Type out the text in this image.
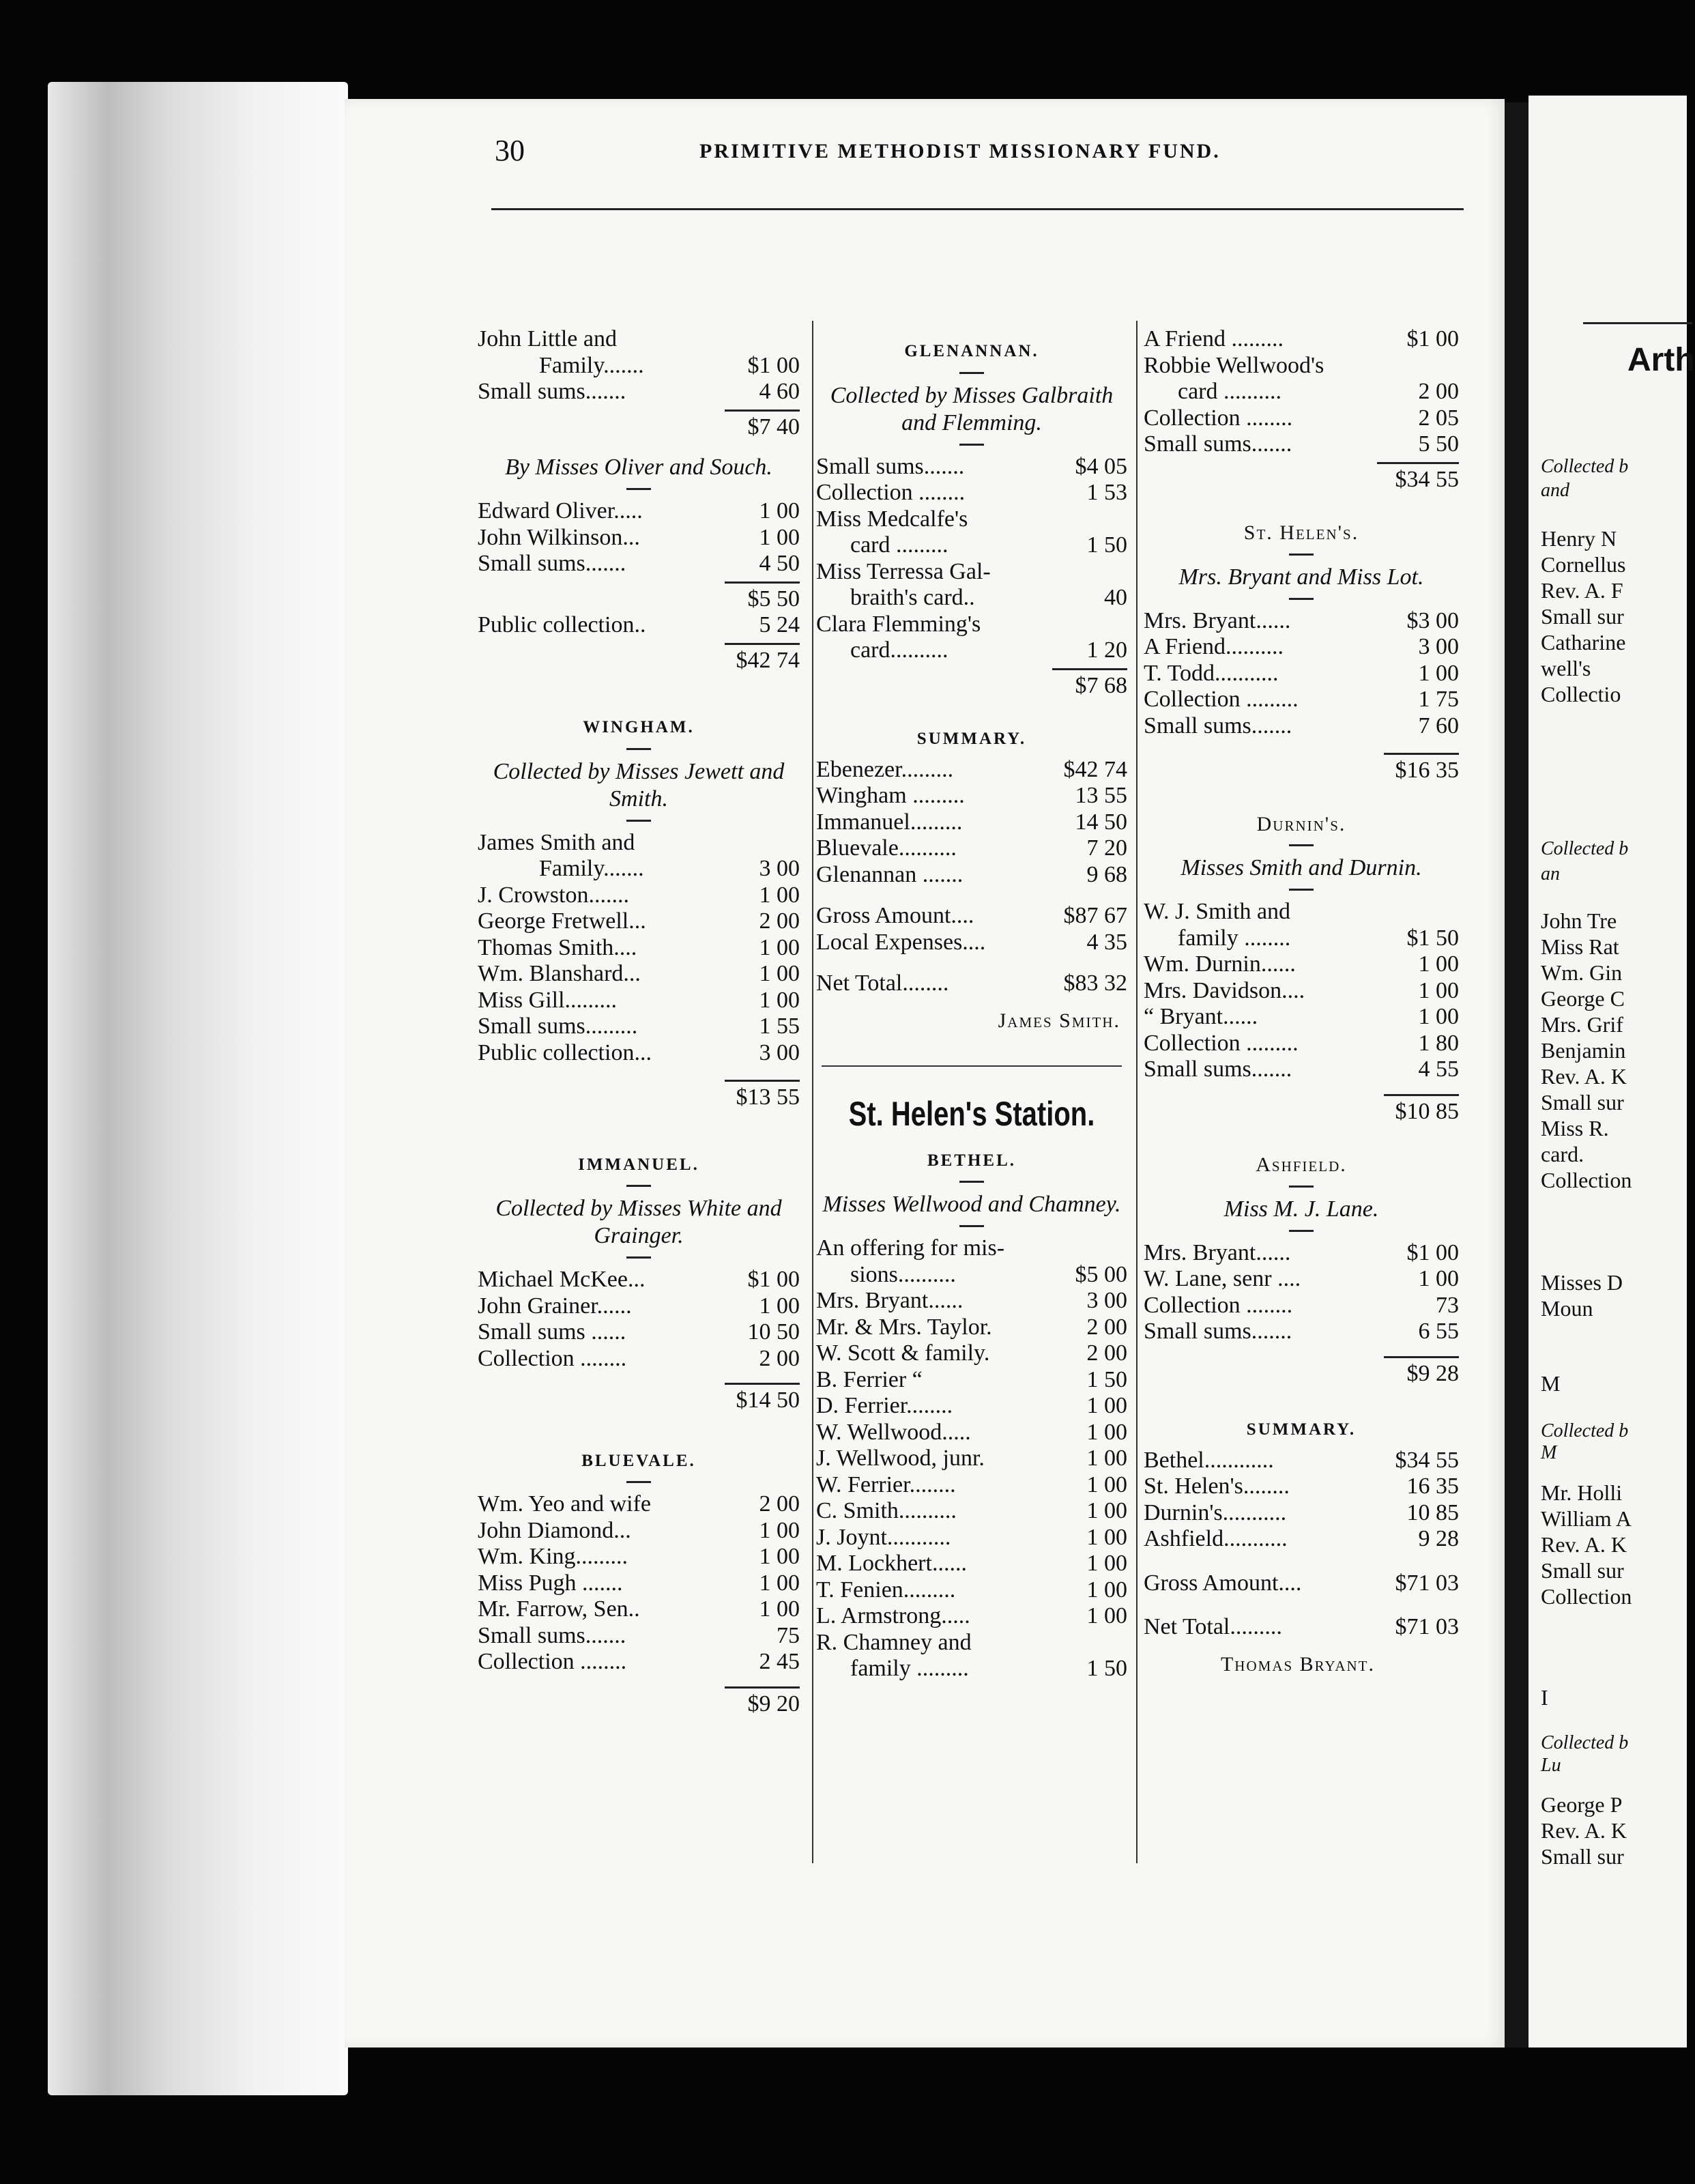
Arth
Collected b
and
Henry N
Cornellus
Rev. A. F
Small sur
Catharine
well's
Collectio
Collected b
an
John Tre
Miss Rat
Wm. Gin
George C
Mrs. Grif
Benjamin
Rev. A. K
Small sur
Miss R.
card.
Collection
Misses D
Moun
M
Collected b
M
Mr. Holli
William A
Rev. A. K
Small sur
Collection
I
Collected b
Lu
George P
Rev. A. K
Small sur
30	PRIMITIVE METHODIST MISSIONARY FUND.
John Little and
Family.......	$1 00
Small sums.......	4 60
$7 40
By Misses Oliver and Souch.
Edward Oliver.....	1 00
John Wilkinson...	1 00
Small sums.......	4 50
$5 50
Public collection..	5 24
$42 74
WINGHAM.
Collected by Misses Jewett and Smith.
James Smith and
Family.......	3 00
J. Crowston.......	1 00
George Fretwell...	2 00
Thomas Smith....	1 00
Wm. Blanshard...	1 00
Miss Gill.........	1 00
Small sums.........	1 55
Public collection...	3 00
$13 55
IMMANUEL.
Collected by Misses White and Grainger.
Michael McKee...	$1 00
John Grainer......	1 00
Small sums ......	10 50
Collection ........	2 00
$14 50
BLUEVALE.
Wm. Yeo and wife	2 00
John Diamond...	1 00
Wm. King.........	1 00
Miss Pugh .......	1 00
Mr. Farrow, Sen..	1 00
Small sums.......	75
Collection ........	2 45
$9 20
GLENANNAN.
Collected by Misses Galbraith and Flemming.
Small sums.......	$4 05
Collection ........	1 53
Miss Medcalfe's
card .........	1 50
Miss Terressa Gal-
braith's card..	40
Clara Flemming's
card..........	1 20
$7 68
SUMMARY.
Ebenezer.........	$42 74
Wingham .........	13 55
Immanuel.........	14 50
Bluevale..........	7 20
Glenannan .......	9 68
Gross Amount....	$87 67
Local Expenses....	4 35
Net Total........	$83 32
James Smith.
St. Helen's Station.
BETHEL.
Misses Wellwood and Chamney.
An offering for mis-
sions..........	$5 00
Mrs. Bryant......	3 00
Mr. & Mrs. Taylor.	2 00
W. Scott & family.	2 00
B. Ferrier “	1 50
D. Ferrier........	1 00
W. Wellwood.....	1 00
J. Wellwood, junr.	1 00
W. Ferrier........	1 00
C. Smith..........	1 00
J. Joynt...........	1 00
M. Lockhert......	1 00
T. Fenien.........	1 00
L. Armstrong.....	1 00
R. Chamney and
family .........	1 50
A Friend .........	$1 00
Robbie Wellwood's
card ..........	2 00
Collection ........	2 05
Small sums.......	5 50
$34 55
St. Helen's.
Mrs. Bryant and Miss Lot.
Mrs. Bryant......	$3 00
A Friend..........	3 00
T. Todd...........	1 00
Collection .........	1 75
Small sums.......	7 60
$16 35
Durnin's.
Misses Smith and Durnin.
W. J. Smith and
family ........	$1 50
Wm. Durnin......	1 00
Mrs. Davidson....	1 00
“ Bryant......	1 00
Collection .........	1 80
Small sums.......	4 55
$10 85
Ashfield.
Miss M. J. Lane.
Mrs. Bryant......	$1 00
W. Lane, senr ....	1 00
Collection ........	73
Small sums.......	6 55
$9 28
SUMMARY.
Bethel............	$34 55
St. Helen's........	16 35
Durnin's...........	10 85
Ashfield...........	9 28
Gross Amount....	$71 03
Net Total.........	$71 03
Thomas Bryant.
